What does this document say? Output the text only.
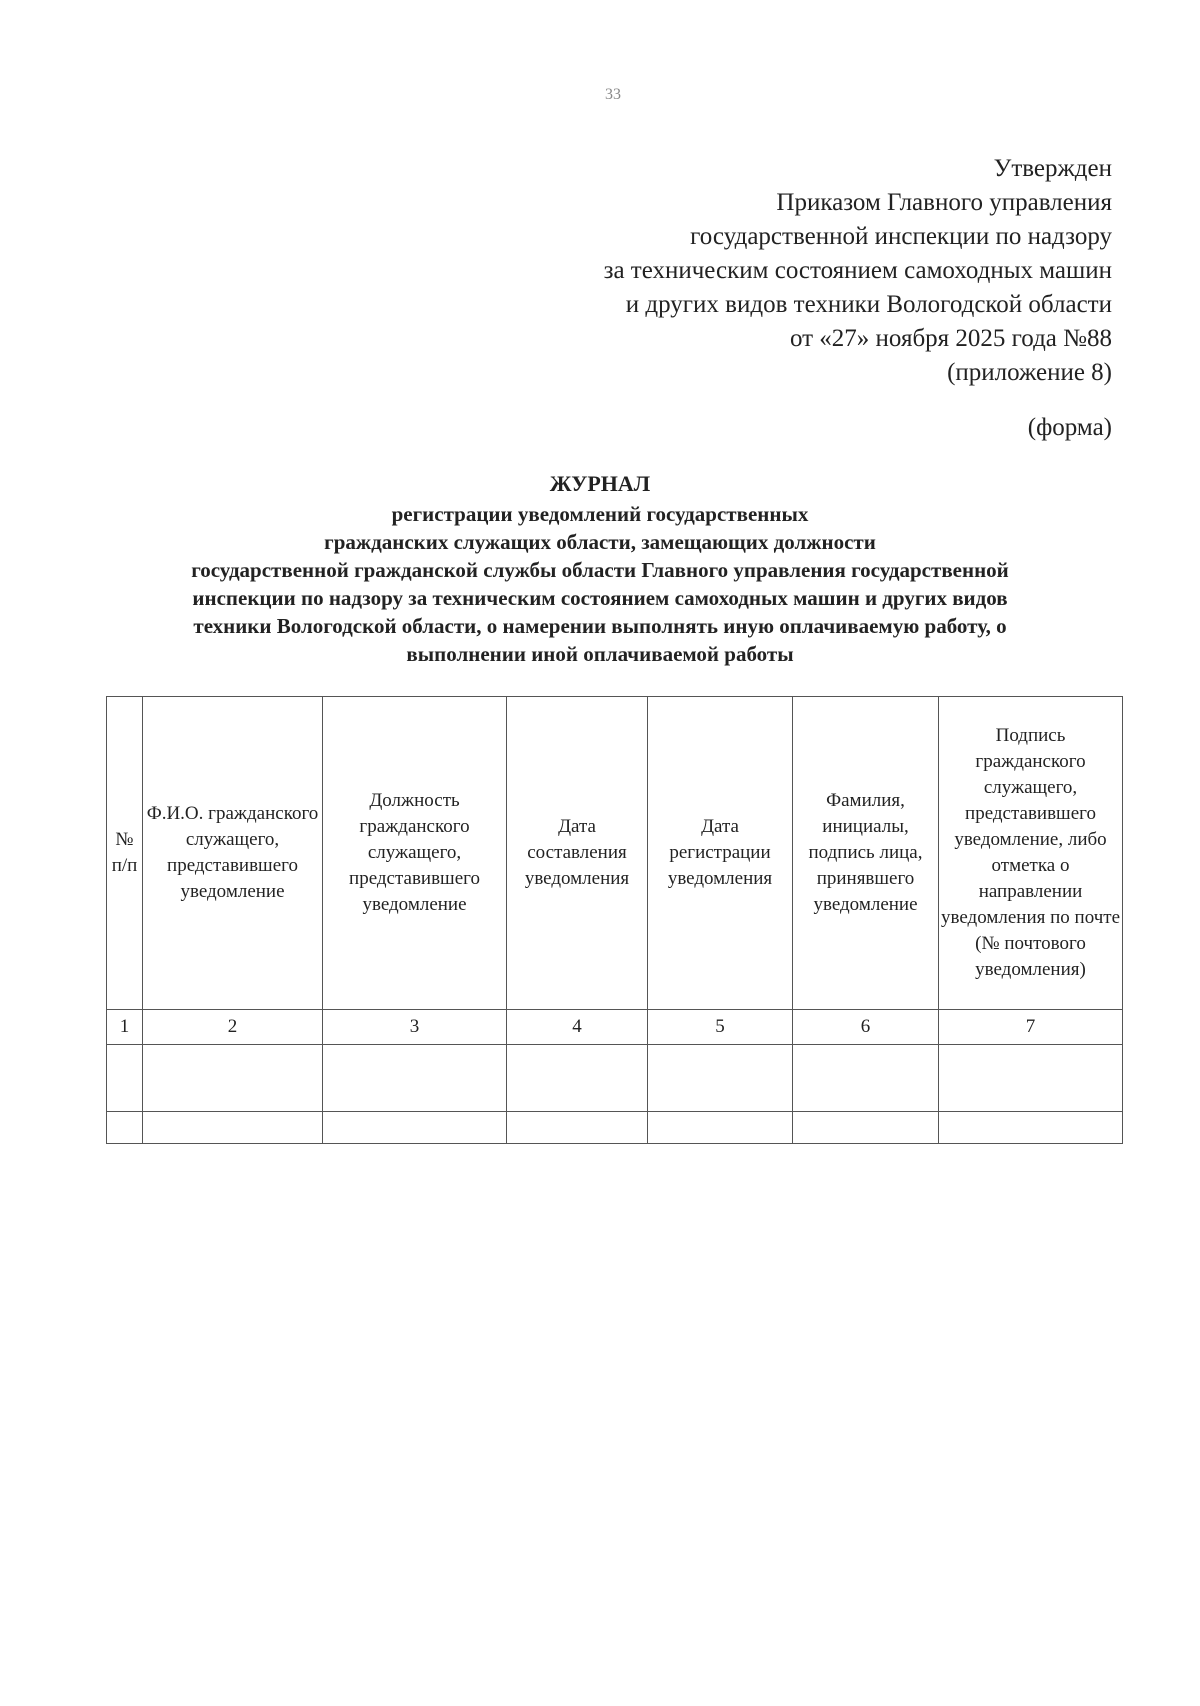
33
Утвержден
Приказом Главного управления
государственной инспекции по надзору
за техническим состоянием самоходных машин
и других видов техники Вологодской области
от «27» ноября 2025 года №88
(приложение 8)
(форма)
ЖУРНАЛ
регистрации уведомлений государственных
гражданских служащих области, замещающих должности
государственной гражданской службы области Главного управления государственной
инспекции по надзору за техническим состоянием самоходных машин и других видов
техники Вологодской области, о намерении выполнять иную оплачиваемую работу, о
выполнении иной оплачиваемой работы
№ п/п	Ф.И.О. гражданского служащего, представившего уведомление	Должность гражданского служащего, представившего уведомление	Дата составления уведомления	Дата регистрации уведомления	Фамилия, инициалы, подпись лица, принявшего уведомление	Подпись гражданского служащего, представившего уведомление, либо отметка о направлении уведомления по почте (№ почтового уведомления)
1	2	3	4	5	6	7
